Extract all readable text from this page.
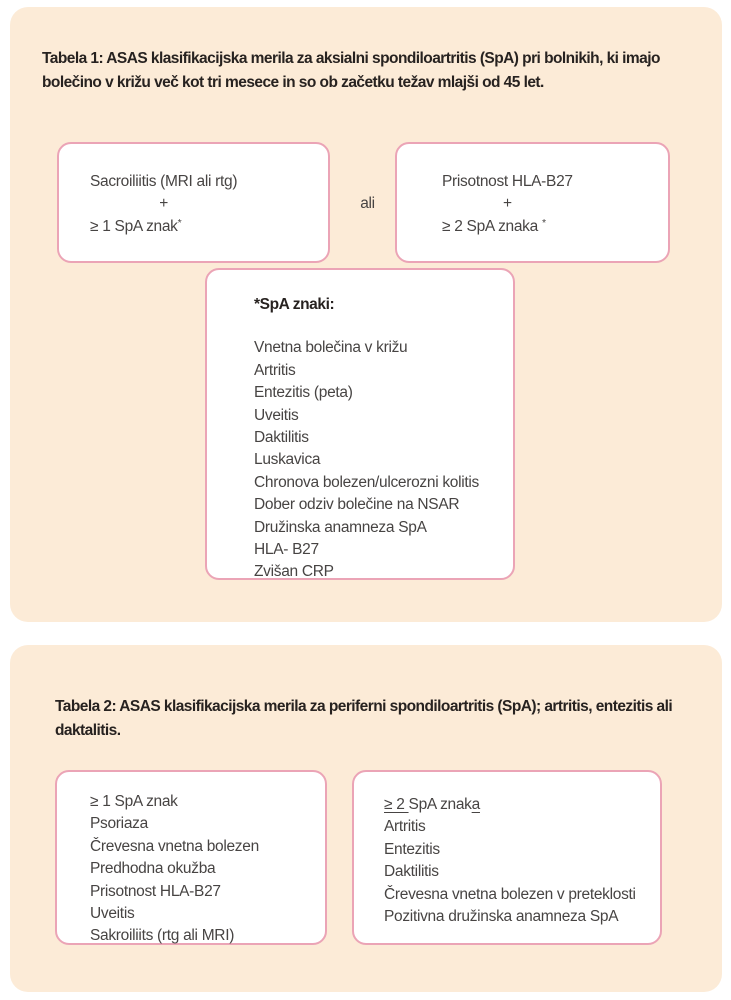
Tabela 1: ASAS klasifikacijska merila za aksialni spondiloartritis (SpA) pri bolnikih, ki imajo bolečino v križu več kot tri mesece in so ob začetku težav mlajši od 45 let.
Sacroiliitis (MRI ali rtg)
+
≥ 1 SpA znak*
ali
Prisotnost HLA-B27
+
≥ 2 SpA znaka *
*SpA znaki:
Vnetna bolečina v križu
Artritis
Entezitis (peta)
Uveitis
Daktilitis
Luskavica
Chronova bolezen/ulcerozni kolitis
Dober odziv bolečine na NSAR
Družinska anamneza SpA
HLA- B27
Zvišan CRP
Tabela 2: ASAS klasifikacijska merila za periferni spondiloartritis (SpA); artritis, entezitis ali daktalitis.
≥ 1 SpA znak
Psoriaza
Črevesna vnetna bolezen
Predhodna okužba
Prisotnost HLA-B27
Uveitis
Sakroiliits (rtg ali MRI)
≥ 2 SpA znaka
Artritis
Entezitis
Daktilitis
Črevesna vnetna bolezen v preteklosti
Pozitivna družinska anamneza SpA
